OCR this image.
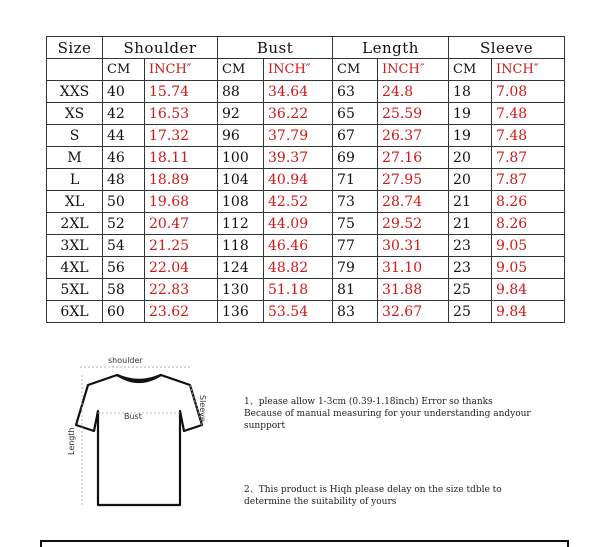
Size	Shoulder		Bust		Length		Sleeve	
	CM	INCH″	CM	INCH″	CM	INCH″	CM	INCH″
XXS	40	15.74	88	34.64	63	24.8	18	7.08
XS	42	16.53	92	36.22	65	25.59	19	7.48
S	44	17.32	96	37.79	67	26.37	19	7.48
M	46	18.11	100	39.37	69	27.16	20	7.87
L	48	18.89	104	40.94	71	27.95	20	7.87
XL	50	19.68	108	42.52	73	28.74	21	8.26
2XL	52	20.47	112	44.09	75	29.52	21	8.26
3XL	54	21.25	118	46.46	77	30.31	23	9.05
4XL	56	22.04	124	48.82	79	31.10	23	9.05
5XL	58	22.83	130	51.18	81	31.88	25	9.84
6XL	60	23.62	136	53.54	83	32.67	25	9.84
shoulder
Bust
Length
Sleeve	1、please allow 1-3cm (0.39-1.18inch) Error so thanks
Because of manual measuring for your understanding andyour
sunpport
2、This product is Hiqh please delay on the size tdble to
determine the suitability of yours
